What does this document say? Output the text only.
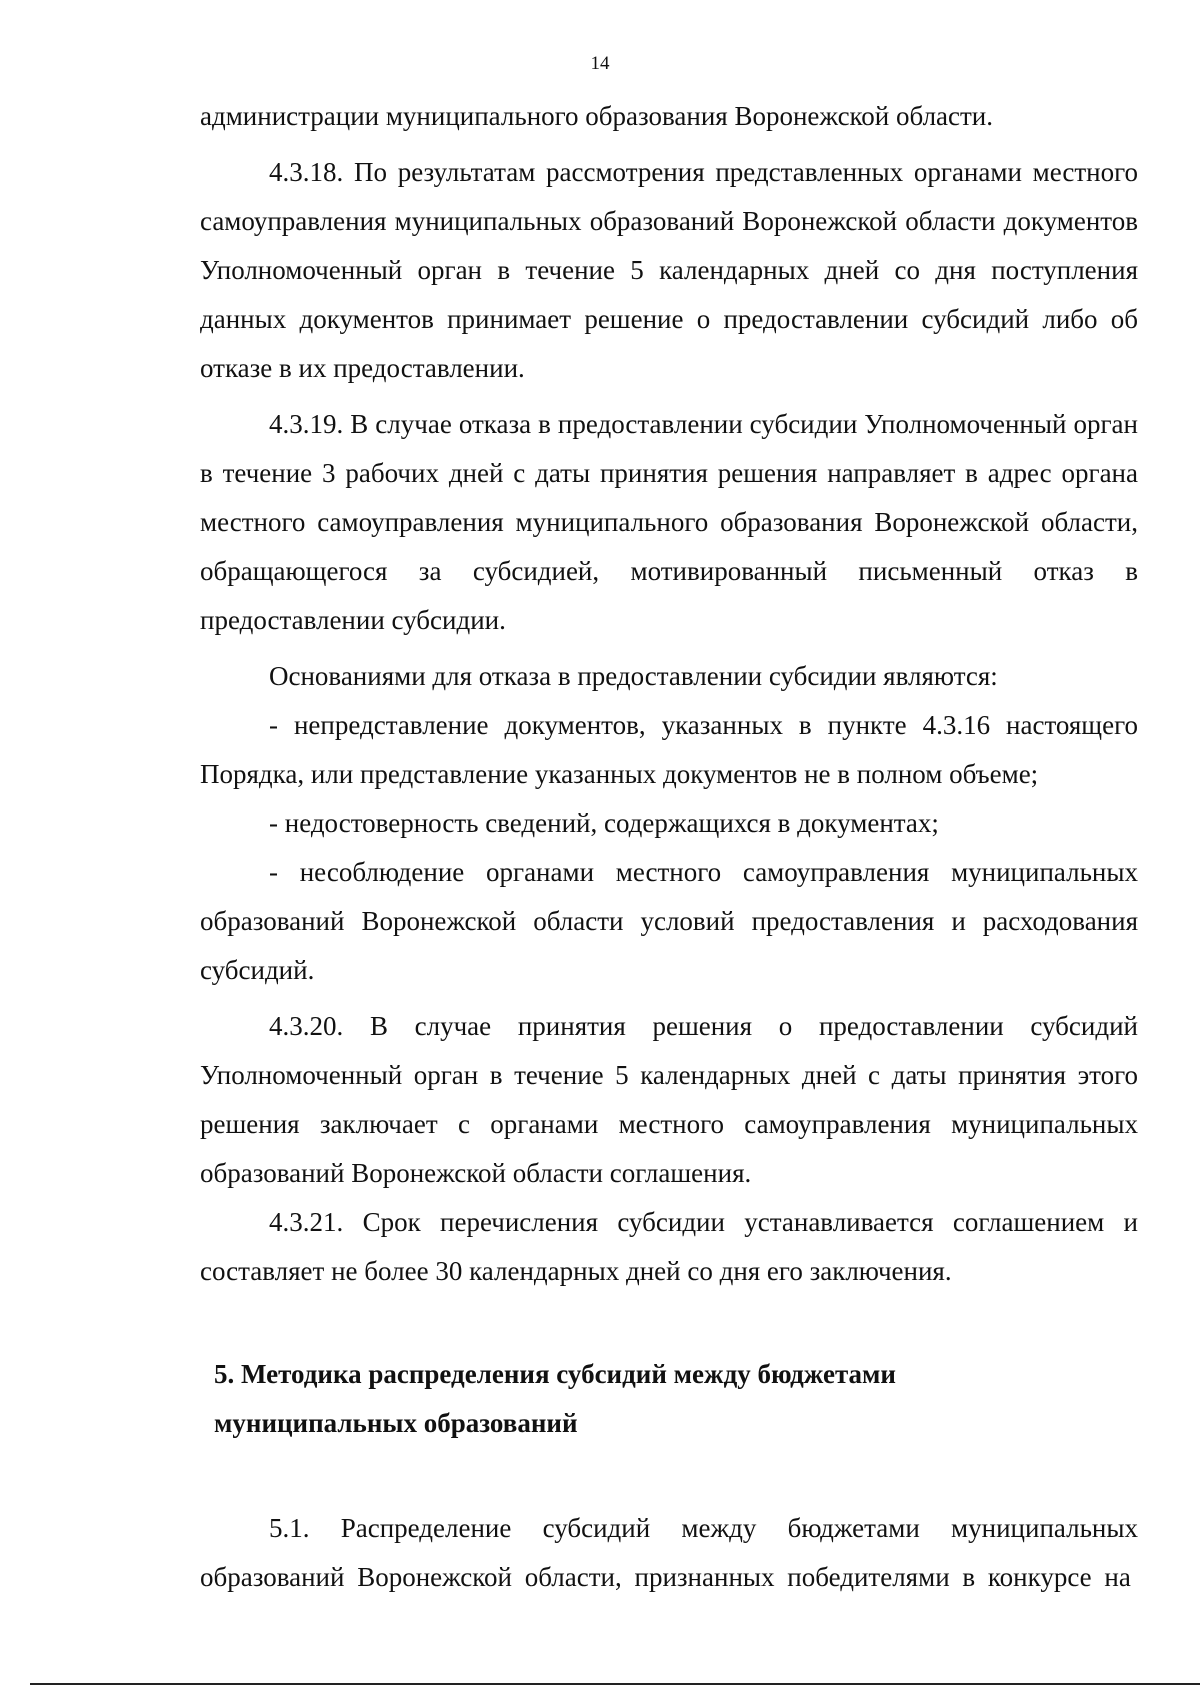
14

администрации муниципального образования Воронежской области.

4.3.18. По результатам рассмотрения представленных органами местного самоуправления муниципальных образований Воронежской области документов Уполномоченный орган в течение 5 календарных дней со дня поступления данных документов принимает решение о предоставлении субсидий либо об отказе в их предоставлении.

4.3.19. В случае отказа в предоставлении субсидии Уполномоченный орган в течение 3 рабочих дней с даты принятия решения направляет в адрес органа местного самоуправления муниципального образования Воронежской области, обращающегося за субсидией, мотивированный письменный отказ в предоставлении субсидии.

Основаниями для отказа в предоставлении субсидии являются:

- непредставление документов, указанных в пункте 4.3.16 настоящего Порядка, или представление указанных документов не в полном объеме;

- недостоверность сведений, содержащихся в документах;

- несоблюдение органами местного самоуправления муниципальных образований Воронежской области условий предоставления и расходования субсидий.

4.3.20. В случае принятия решения о предоставлении субсидий Уполномоченный орган в течение 5 календарных дней с даты принятия этого решения заключает с органами местного самоуправления муниципальных образований Воронежской области соглашения.

4.3.21. Срок перечисления субсидии устанавливается соглашением и составляет не более 30 календарных дней со дня его заключения.

5. Методика распределения субсидий между бюджетами

муниципальных образований

5.1. Распределение субсидий между бюджетами муниципальных образований Воронежской области, признанных победителями в конкурсе на
